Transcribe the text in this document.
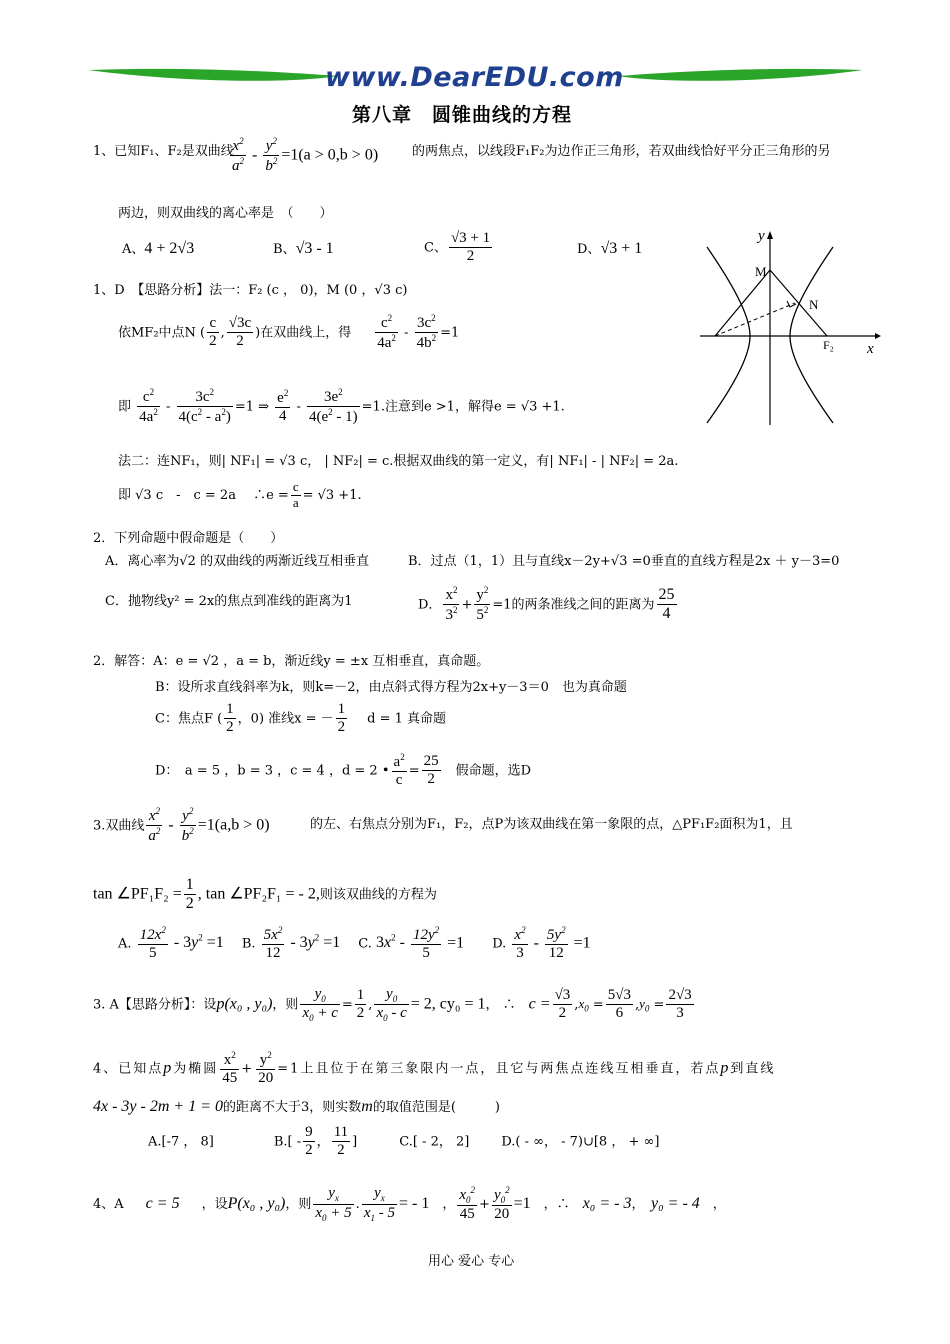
www.DearEDU.com
第八章　圆锥曲线的方程
1、已知F₁、F₂是双曲线
$\frac{x^2}{a^2} - \frac{y^2}{b^2} =1(a > 0,b > 0)$	的两焦点，以线段F₁F₂为边作正三角形，若双曲线恰好平分正三角形的另
两边，则双曲线的离心率是　（　　）
A、4 + 2√3	B、√3 - 1	C、 $\frac{√3 + 1}{2}$	D、√3 + 1
y
x
M
N
F₂
1、D　【思路分析】法一：F₂ (c ， 0)，M (0 ，√3 c)
依MF₂中点N ( $\frac{c}{2}$ , $\frac{√3c}{2}$ )在双曲线上，得 $\frac{c^2}{4a^2} - \frac{3c^2}{4b^2} =1$
即 $\frac{c^2}{4a^2} - \frac{3c^2}{4(c^2 - a^2)} =1$ ⇒ $\frac{e^2}{4} - \frac{3e^2}{4(e^2 - 1)} =1$.注意到e >1，解得e = √3 +1.
法二：连NF₁，则| NF₁| = √3 c， | NF₂| = c.根据双曲线的第一定义，有| NF₁| - | NF₂| = 2a.
即 √3 c　-　c = 2a　 ∴e = $\frac{c}{a} = √3 +1$.
2．下列命题中假命题是（　　）
A．离心率为√2 的双曲线的两渐近线互相垂直	B．过点（1，1）且与直线x－2y+√3 =0垂直的直线方程是2x ＋ y－3=0
C．抛物线y² = 2x的焦点到准线的距离为1	D． $\frac{x^2}{3^2} + \frac{y^2}{5^2} =1$的两条准线之间的距离为 $\frac{25}{4}$
2．解答：A：e = √2 ，a = b，渐近线y = ±x 互相垂直，真命题。
B：设所求直线斜率为k，则k=－2，由点斜式得方程为2x+y－3＝0　也为真命题
C：焦点F ( $\frac{1}{2}$ ，0) 准线x = － $\frac{1}{2}$ d = 1 真命题
D：　a = 5 ，b = 3 ，c = 4 ，d = 2 • $\frac{a^2}{c} = \frac{25}{2}$
　 假命题，选D
3.双曲线 $\frac{x^2}{a^2} - \frac{y^2}{b^2} =1(a,b > 0)$	的左、右焦点分别为F₁，F₂，点P为该双曲线在第一象限的点，△PF₁F₂面积为1，且
tan ∠PF₁F₂ = $\frac{1}{2}$ , tan ∠PF₂F₁ = - 2,则该双曲线的方程为
A. $\frac{12x^2}{5} - 3y^2 =1$ B. $\frac{5x^2}{12} - 3y^2 =1$ C. $3x^2 - \frac{12y^2}{5} =1$ D. $\frac{x^2}{3} - \frac{5y^2}{12} =1$
3. A【思路分析】：设p(x₀ , y₀)，则 $\frac{y_0}{x_0 + c} = \frac{1}{2}$ , $\frac{y_0}{x_0 - c} = 2$, cy₀ = 1， ∴　 $c = \frac{√3}{2} ,x_0 = \frac{5√3}{6} ,y_0 = \frac{2√3}{3}$
4、已知点p为椭圆 $\frac{x^2}{45} + \frac{y^2}{20} =1$上且位于在第三象限内一点，且它与两焦点连线互相垂直，若点p到直线
4x - 3y - 2m + 1 = 0的距离不大于3，则实数m的取值范围是(　　　)
A.[-7 ， 8]	$B.[ - \frac{9}{2}$ ， $\frac{11}{2}$ ]	C.[ - 2， 2] D.( - ∞， - 7)∪[8 ， + ∞]
4、A c = 5 ，设P(x₀ , y₀)，则 $\frac{y_x}{x_0 + 5}$ . $\frac{y_x}{x_1 - 5}$ = - 1　， $\frac{x_0^2}{45} + \frac{y_0^2}{20} =1$　 ，∴　 x₀ = - 3，　y₀ = - 4　，
用心 爱心 专心
